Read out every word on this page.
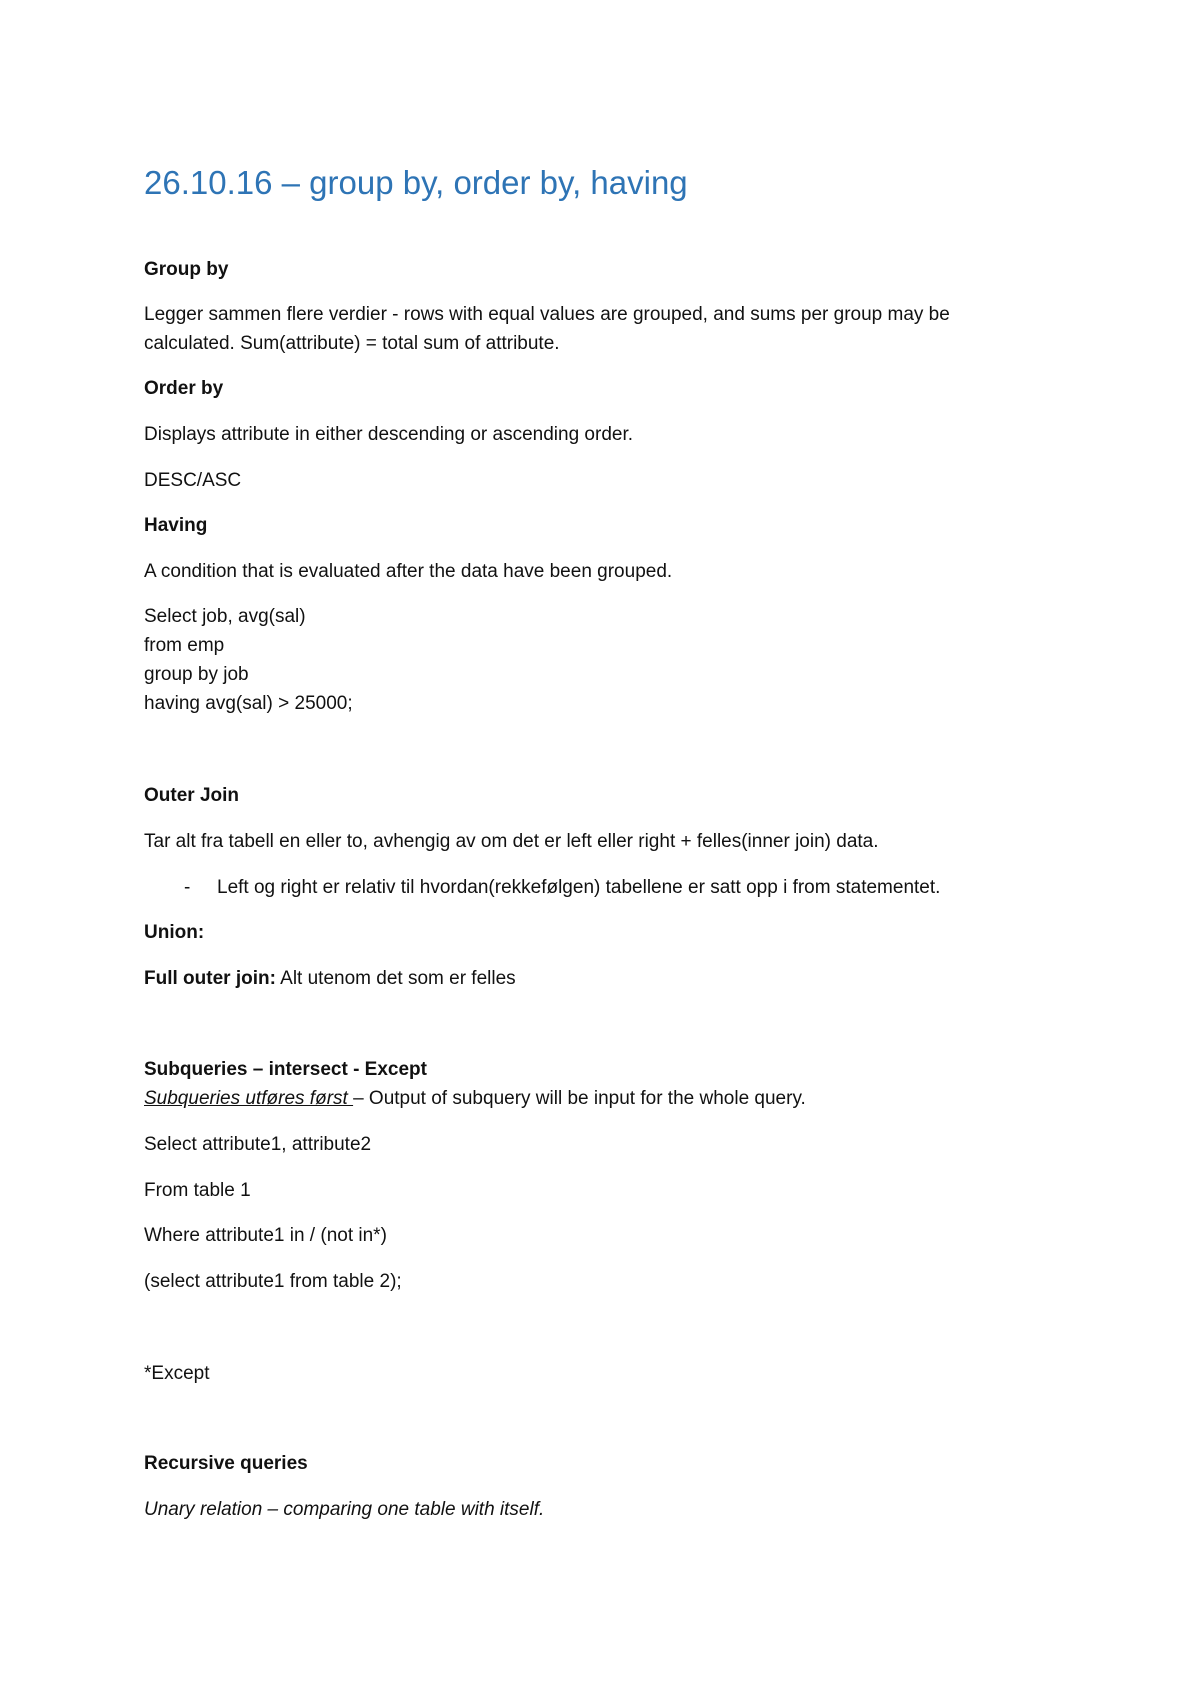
26.10.16 – group by, order by, having
Group by
Legger sammen flere verdier - rows with equal values are grouped, and sums per group may be
calculated. Sum(attribute) = total sum of attribute.
Order by
Displays attribute in either descending or ascending order.
DESC/ASC
Having
A condition that is evaluated after the data have been grouped.
Select job, avg(sal)
from emp
group by job
having avg(sal) > 25000;
Outer Join
Tar alt fra tabell en eller to, avhengig av om det er left eller right + felles(inner join) data.
- Left og right er relativ til hvordan(rekkefølgen) tabellene er satt opp i from statementet.
Union:
Full outer join: Alt utenom det som er felles
Subqueries – intersect - Except
Subqueries utføres først – Output of subquery will be input for the whole query.
Select attribute1, attribute2
From table 1
Where attribute1 in / (not in*)
(select attribute1 from table 2);
*Except
Recursive queries
Unary relation – comparing one table with itself.
